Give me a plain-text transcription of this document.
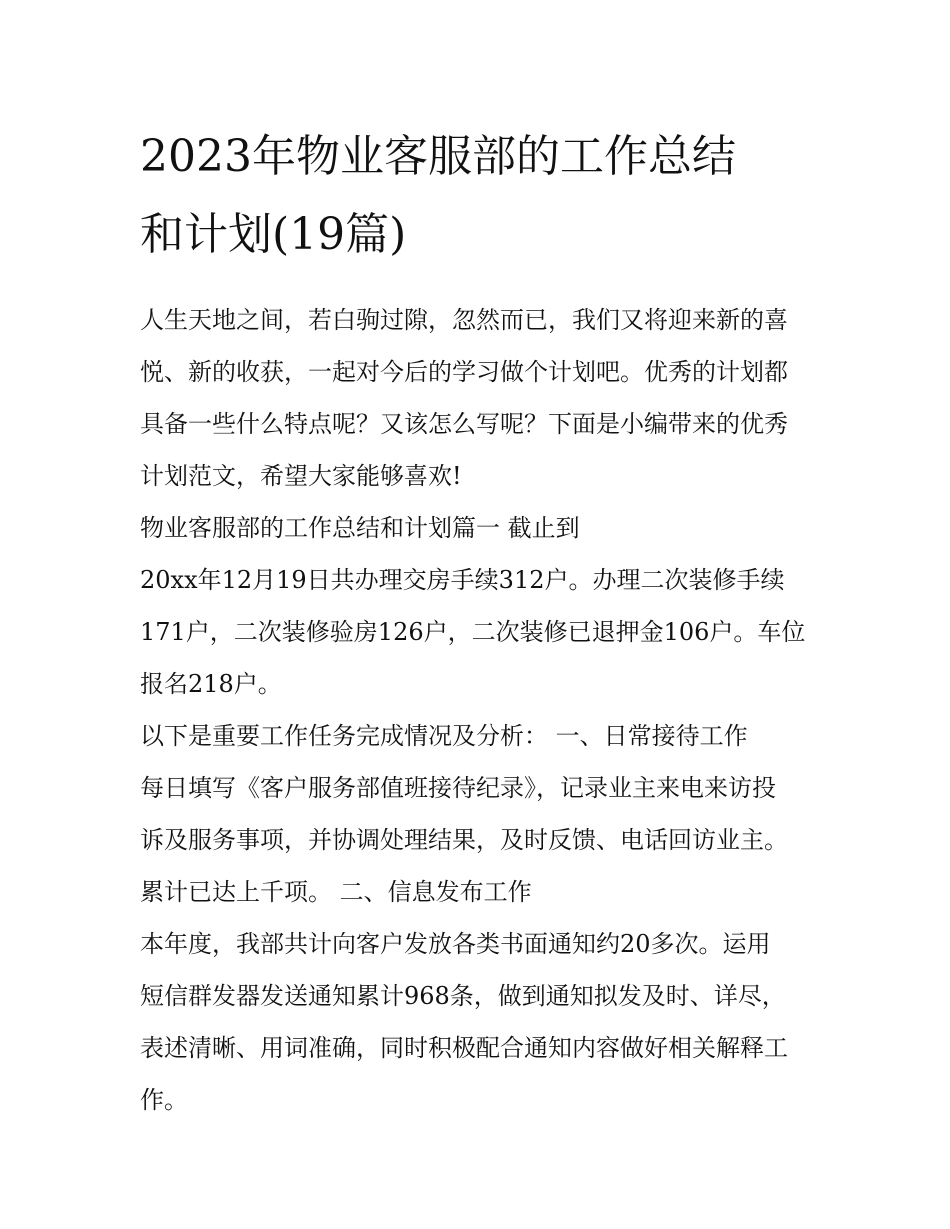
2023年物业客服部的工作总结
和计划(19篇)

人生天地之间，若白驹过隙，忽然而已，我们又将迎来新的喜
悦、新的收获，一起对今后的学习做个计划吧。优秀的计划都
具备一些什么特点呢？又该怎么写呢？下面是小编带来的优秀
计划范文，希望大家能够喜欢!

物业客服部的工作总结和计划篇一 截止到

20xx年12月19日共办理交房手续312户。办理二次装修手续
171户，二次装修验房126户，二次装修已退押金106户。车位
报名218户。

以下是重要工作任务完成情况及分析： 一、日常接待工作

每日填写《客户服务部值班接待纪录》，记录业主来电来访投
诉及服务事项，并协调处理结果，及时反馈、电话回访业主。
累计已达上千项。 二、信息发布工作

本年度，我部共计向客户发放各类书面通知约20多次。运用
短信群发器发送通知累计968条，做到通知拟发及时、详尽，
表述清晰、用词准确，同时积极配合通知内容做好相关解释工
作。
